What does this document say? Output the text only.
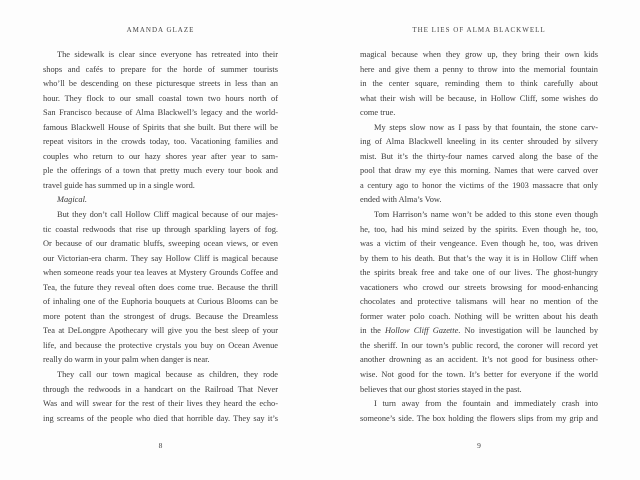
AMANDA GLAZE
The sidewalk is clear since everyone has retreated into their
shops and cafés to prepare for the horde of summer tourists
who’ll be descending on these picturesque streets in less than an
hour. They flock to our small coastal town two hours north of
San Francisco because of Alma Blackwell’s legacy and the world-
famous Blackwell House of Spirits that she built. But there will be
repeat visitors in the crowds today, too. Vacationing families and
couples who return to our hazy shores year after year to sam-
ple the offerings of a town that pretty much every tour book and
travel guide has summed up in a single word.
Magical.
But they don’t call Hollow Cliff magical because of our majes-
tic coastal redwoods that rise up through sparkling layers of fog.
Or because of our dramatic bluffs, sweeping ocean views, or even
our Victorian-era charm. They say Hollow Cliff is magical because
when someone reads your tea leaves at Mystery Grounds Coffee and
Tea, the future they reveal often does come true. Because the thrill
of inhaling one of the Euphoria bouquets at Curious Blooms can be
more potent than the strongest of drugs. Because the Dreamless
Tea at DeLongpre Apothecary will give you the best sleep of your
life, and because the protective crystals you buy on Ocean Avenue
really do warm in your palm when danger is near.
They call our town magical because as children, they rode
through the redwoods in a handcart on the Railroad That Never
Was and will swear for the rest of their lives they heard the echo-
ing screams of the people who died that horrible day. They say it’s
8
THE LIES OF ALMA BLACKWELL
magical because when they grow up, they bring their own kids
here and give them a penny to throw into the memorial fountain
in the center square, reminding them to think carefully about
what their wish will be because, in Hollow Cliff, some wishes do
come true.
My steps slow now as I pass by that fountain, the stone carv-
ing of Alma Blackwell kneeling in its center shrouded by silvery
mist. But it’s the thirty-four names carved along the base of the
pool that draw my eye this morning. Names that were carved over
a century ago to honor the victims of the 1903 massacre that only
ended with Alma’s Vow.
Tom Harrison’s name won’t be added to this stone even though
he, too, had his mind seized by the spirits. Even though he, too,
was a victim of their vengeance. Even though he, too, was driven
by them to his death. But that’s the way it is in Hollow Cliff when
the spirits break free and take one of our lives. The ghost-hungry
vacationers who crowd our streets browsing for mood-enhancing
chocolates and protective talismans will hear no mention of the
former water polo coach. Nothing will be written about his death
in the Hollow Cliff Gazette. No investigation will be launched by
the sheriff. In our town’s public record, the coroner will record yet
another drowning as an accident. It’s not good for business other-
wise. Not good for the town. It’s better for everyone if the world
believes that our ghost stories stayed in the past.
I turn away from the fountain and immediately crash into
someone’s side. The box holding the flowers slips from my grip and
9
